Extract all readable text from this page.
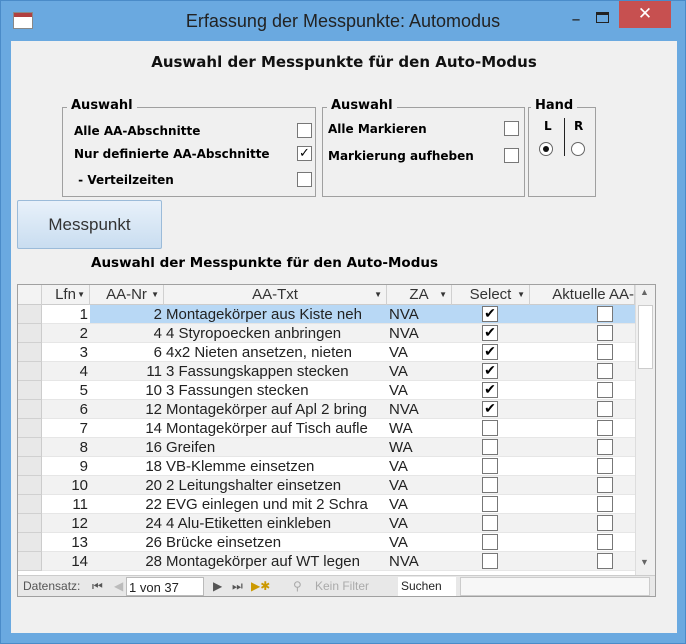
Erfassung der Messpunkte: Automodus	–	✕
Auswahl der Messpunkte für den Auto-Modus
Auswahl
Alle AA-Abschnitte
Nur definierte AA-Abschnitte ✓
- Verteilzeiten
Auswahl
Alle Markieren
Markierung aufheben
Hand
L R
Messpunkt
Auswahl der Messpunkte für den Auto-Modus
Lfn ▼	AA-Nr ▼	AA-Txt	▼	ZA ▼	Select ▼	Aktuelle AA-
1	2 Montagekörper aus Kiste neh	NVA	✔
2	4 4 Styropoecken anbringen	NVA	✔
3	6 4x2 Nieten ansetzen, nieten	VA	✔
4	11 3 Fassungskappen stecken	VA	✔
5	10 3 Fassungen stecken	VA	✔
6	12 Montagekörper auf Apl 2 bring	NVA	✔
7	14 Montagekörper auf Tisch aufle	WA
8	16 Greifen	WA
9	18 VB-Klemme einsetzen	VA
10	20 2 Leitungshalter einsetzen	VA
11	22 EVG einlegen und mit 2 Schra	VA
12	24 4 Alu-Etiketten einkleben	VA
13	26 Brücke einsetzen	VA
14	28 Montagekörper auf WT legen	NVA
▲
▼
Datensatz: ⏮ ◀ 1 von 37	▶ ⏭ ▶✱ ⚲ Kein Filter	Suchen
